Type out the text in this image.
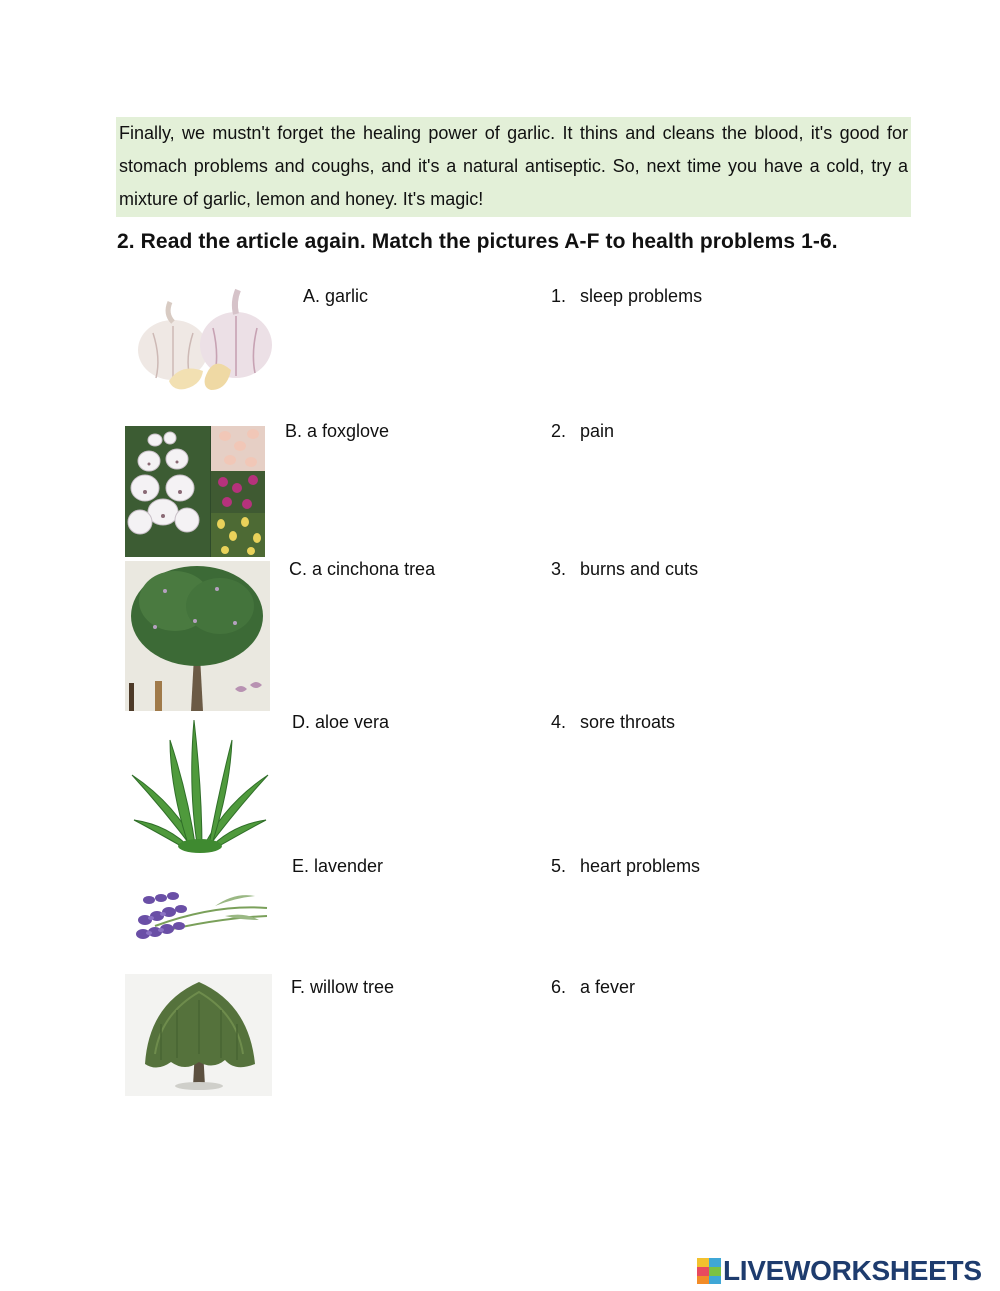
Finally, we mustn't forget the healing power of garlic. It thins and cleans the blood, it's good for stomach problems and coughs, and it's a natural antiseptic. So, next time you have a cold, try a mixture of garlic, lemon and honey. It's magic!
2. Read the article again. Match the pictures A-F to health problems 1-6.
A. garlic	1. sleep problems
B. a foxglove	2. pain
C. a cinchona trea	3. burns and cuts
D. aloe vera	4. sore throats
E. lavender	5. heart problems
F. willow tree	6. a fever
LIVEWORKSHEETS
